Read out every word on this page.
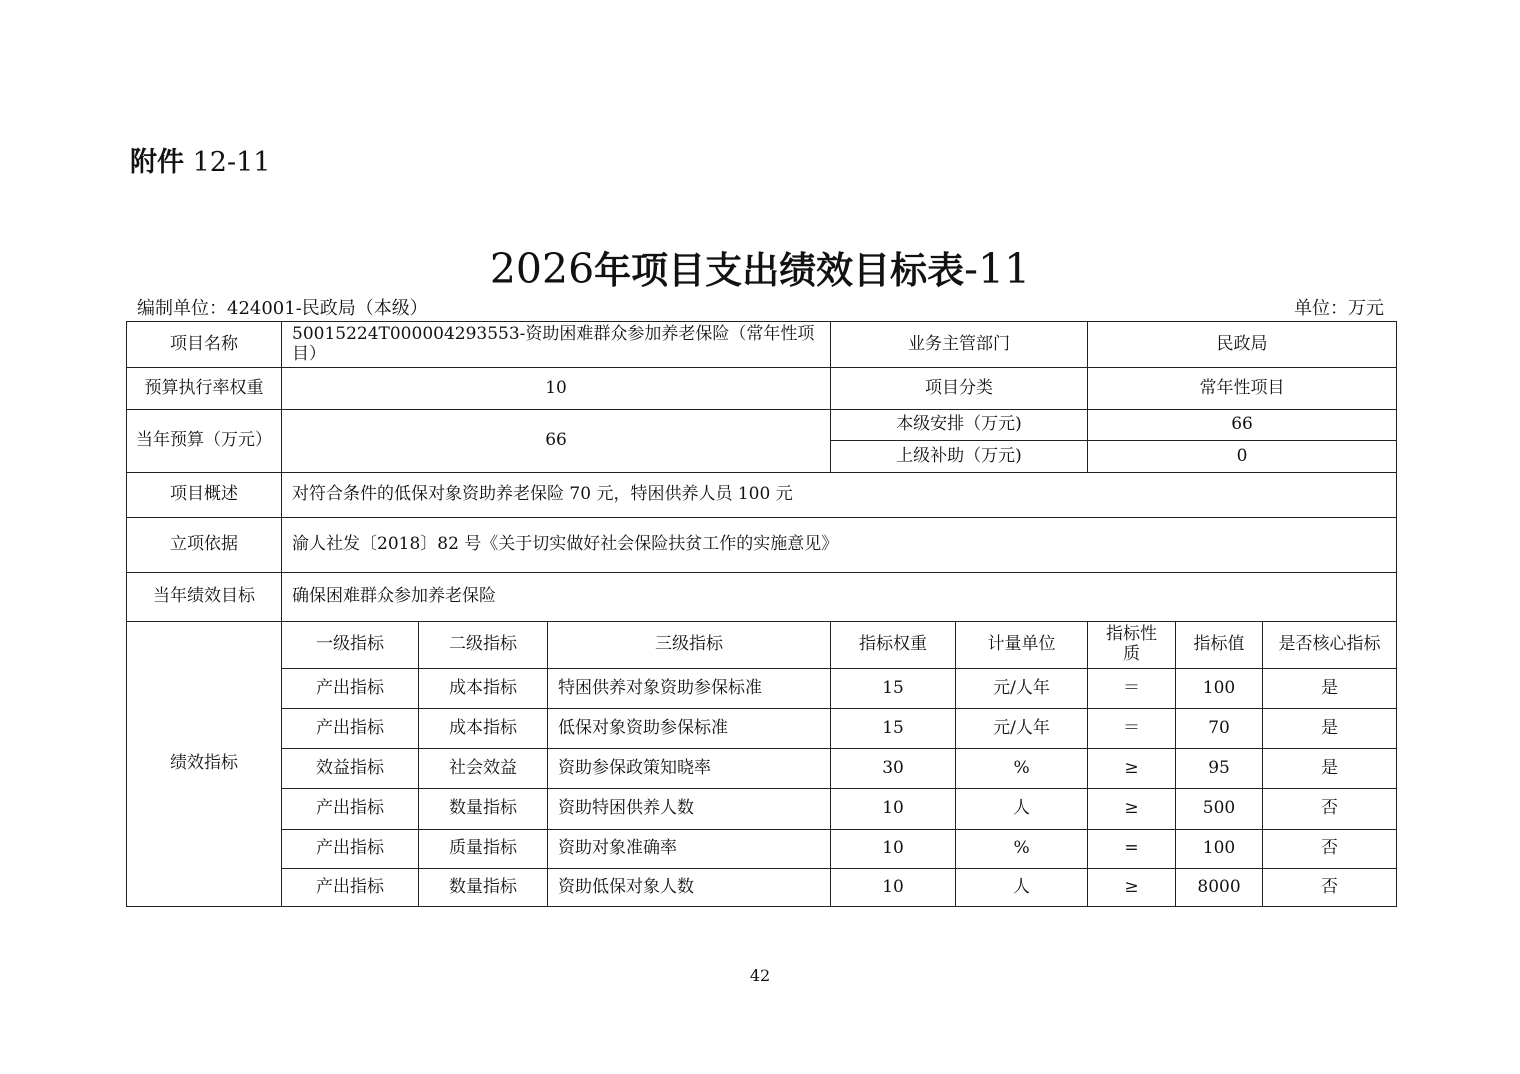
附件 12-11
2026年项目支出绩效目标表-11
编制单位：424001-民政局（本级）	单位：万元
项目名称	50015224T000004293553-资助困难群众参加养老保险（常年性项目）			业务主管部门		民政局		
预算执行率权重	10			项目分类		常年性项目		
当年预算（万元）	66			本级安排（万元)		66		
				上级补助（万元)		0		
项目概述	对符合条件的低保对象资助养老保险 70 元，特困供养人员 100 元							
立项依据	渝人社发〔2018〕82 号《关于切实做好社会保险扶贫工作的实施意见》							
当年绩效目标	确保困难群众参加养老保险							
绩效指标	一级指标	二级指标	三级指标	指标权重	计量单位	指标性质	指标值	是否核心指标
	产出指标	成本指标	特困供养对象资助参保标准	15	元/人年	＝	100	是
	产出指标	成本指标	低保对象资助参保标准	15	元/人年	＝	70	是
	效益指标	社会效益	资助参保政策知晓率	30	%	≥	95	是
	产出指标	数量指标	资助特困供养人数	10	人	≥	500	否
	产出指标	质量指标	资助对象准确率	10	%	=	100	否
	产出指标	数量指标	资助低保对象人数	10	人	≥	8000	否
42
